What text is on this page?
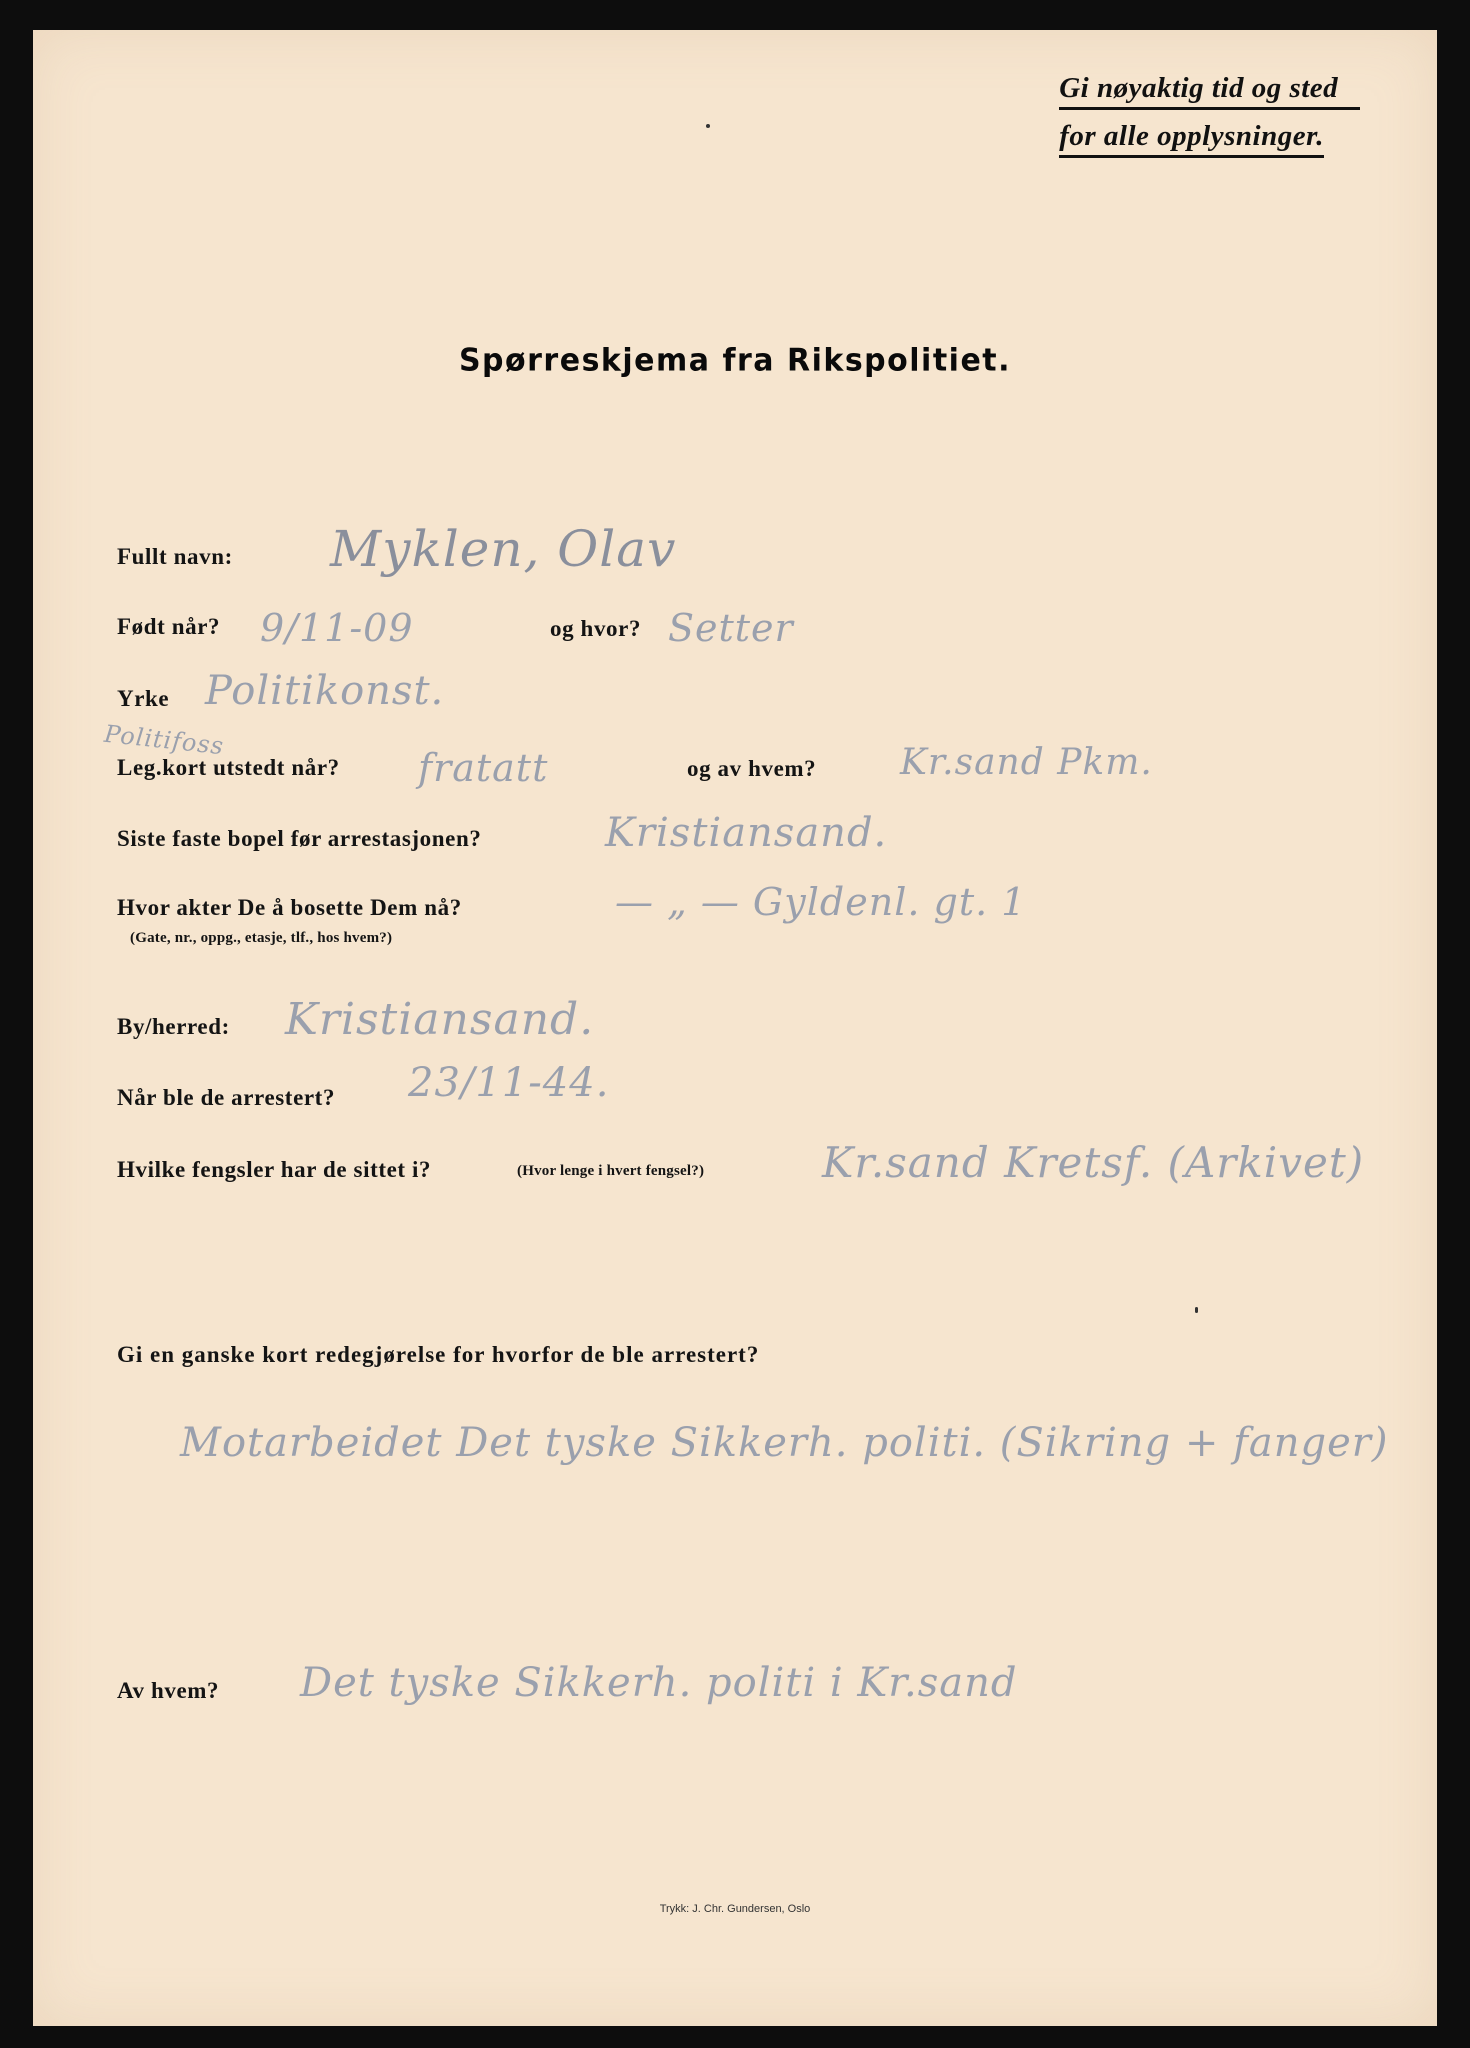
Gi nøyaktig tid og sted
for alle opplysninger.
Spørreskjema fra Rikspolitiet.
Fullt navn: Myklen, Olav
Født når? 9/11-09	og hvor? Setter
Yrke Politikonst.
Politifoss
Leg.kort utstedt når? fratatt	og av hvem? Kr.sand Pkm.
Siste faste bopel før arrestasjonen?	Kristiansand.
Hvor akter De å bosette Dem nå?
(Gate, nr., oppg., etasje, tlf., hos hvem?)
— „ — Gyldenl. gt. 1
By/herred: Kristiansand.
Når ble de arrestert? 23/11-44.
Hvilke fengsler har de sittet i?	(Hvor lenge i hvert fengsel?)	Kr.sand Kretsf. (Arkivet)
Gi en ganske kort redegjørelse for hvorfor de ble arrestert?
Motarbeidet Det tyske Sikkerh. politi. (Sikring + fanger)
Av hvem? Det tyske Sikkerh. politi i Kr.sand
Trykk: J. Chr. Gundersen, Oslo
